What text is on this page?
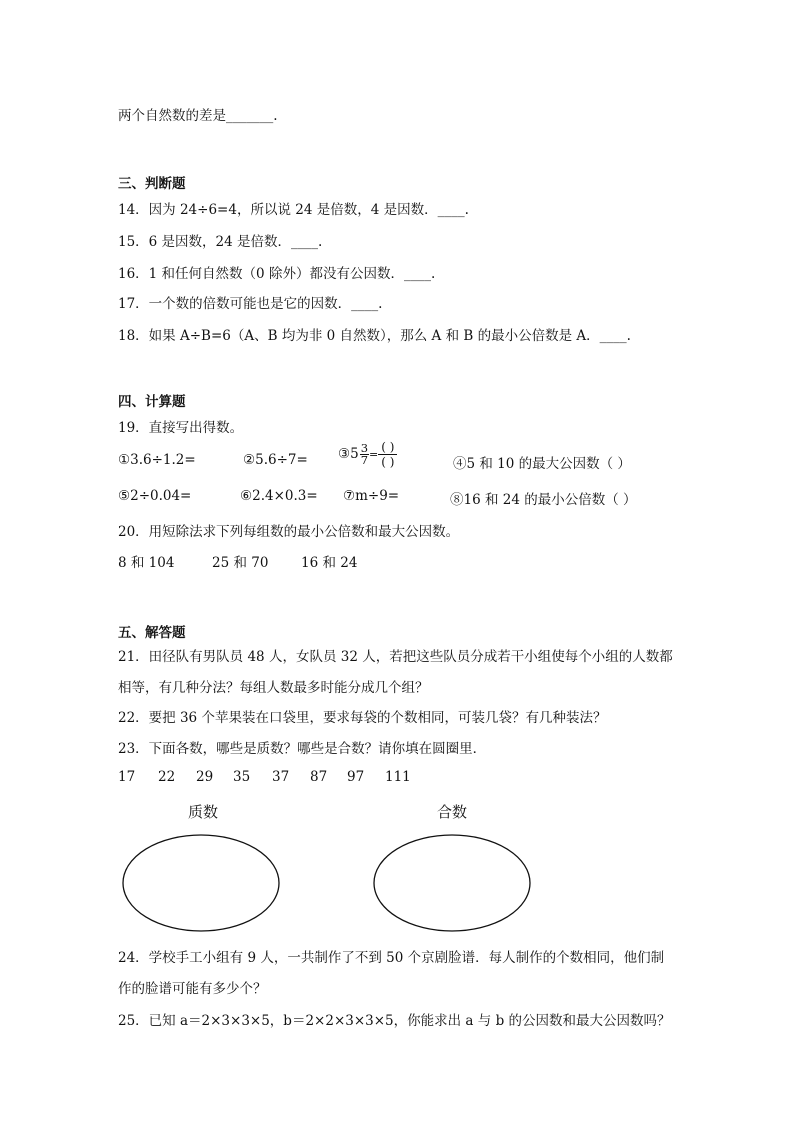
两个自然数的差是_______.
三、判断题
14．因为 24÷6=4，所以说 24 是倍数，4 是因数．____.
15．6 是因数，24 是倍数．____.
16．1 和任何自然数（0 除外）都没有公因数．____.
17．一个数的倍数可能也是它的因数．____.
18．如果 A÷B=6（A、B 均为非 0 自然数），那么 A 和 B 的最小公倍数是 A．____.
四、计算题
19．直接写出得数。
①3.6÷1.2=	②5.6÷7= ③5 $\frac{3}{7}$ =
( )
( )	④5 和 10 的最大公因数（ ）
⑤2÷0.04=	⑥2.4×0.3= ⑦m÷9=	⑧16 和 24 的最小公倍数（ ）
20．用短除法求下列每组数的最小公倍数和最大公因数。
8 和 104	25 和 70 16 和 24
五、解答题
21．田径队有男队员 48 人，女队员 32 人，若把这些队员分成若干小组使每个小组的人数都
相等，有几种分法？每组人数最多时能分成几个组？
22．要把 36 个苹果装在口袋里，要求每袋的个数相同，可装几袋？有几种装法？
23．下面各数，哪些是质数？哪些是合数？请你填在圆圈里．
17 22 29 35 37 87 97 111
质数	合数
24．学校手工小组有 9 人，一共制作了不到 50 个京剧脸谱．每人制作的个数相同，他们制
作的脸谱可能有多少个？
25．已知 a＝2×3×3×5，b＝2×2×3×3×5，你能求出 a 与 b 的公因数和最大公因数吗？
